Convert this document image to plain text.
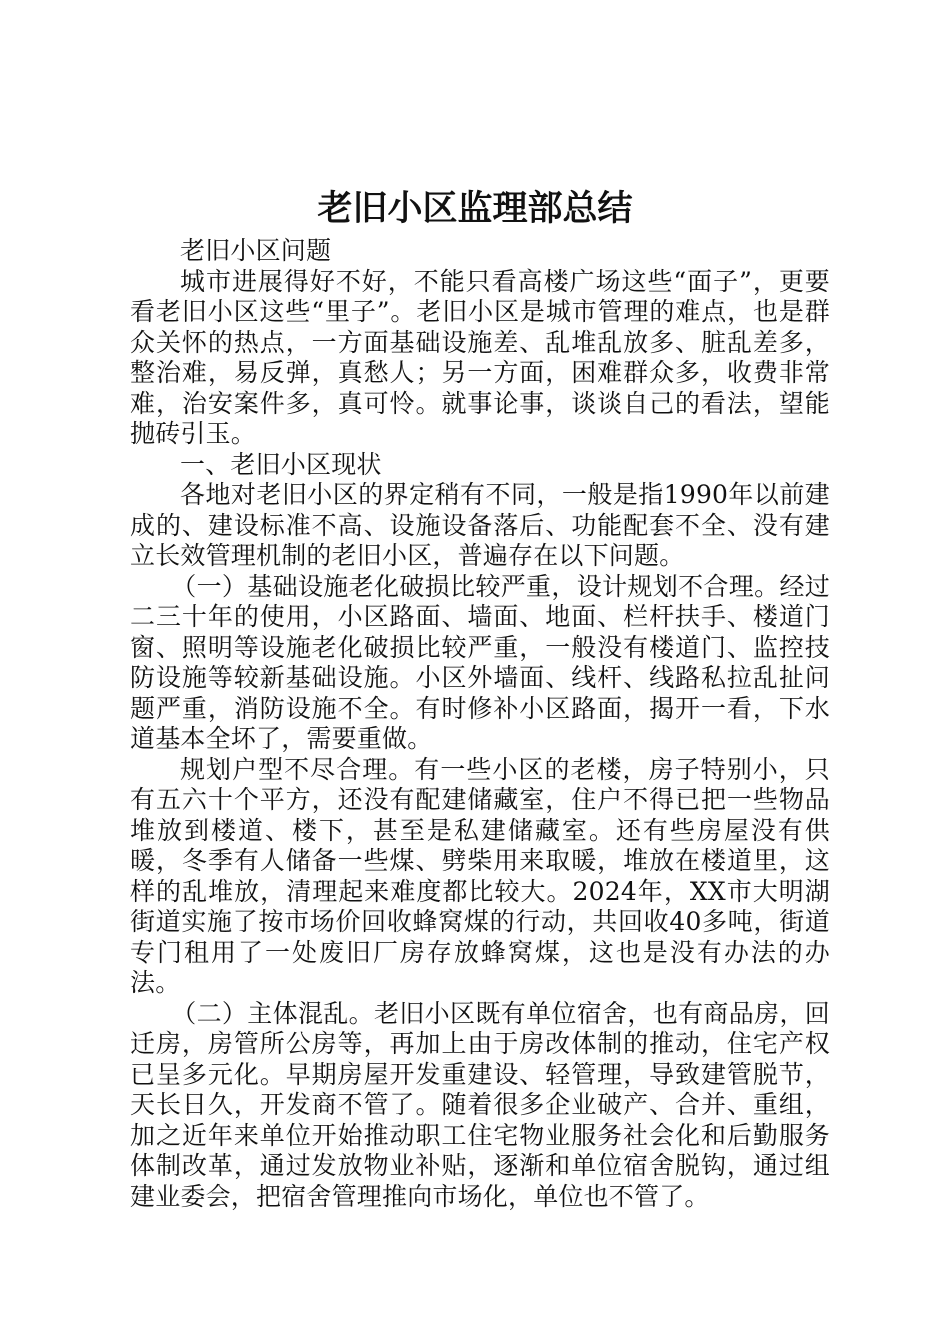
老旧小区监理部总结

老旧小区问题

城市进展得好不好，不能只看高楼广场这些“面子”，更要看老旧小区这些“里子”。老旧小区是城市管理的难点，也是群众关怀的热点，一方面基础设施差、乱堆乱放多、脏乱差多，整治难，易反弹，真愁人；另一方面，困难群众多，收费非常难，治安案件多，真可怜。就事论事，谈谈自己的看法，望能抛砖引玉。

一、老旧小区现状

各地对老旧小区的界定稍有不同，一般是指1990年以前建成的、建设标准不高、设施设备落后、功能配套不全、没有建立长效管理机制的老旧小区，普遍存在以下问题。

（一）基础设施老化破损比较严重，设计规划不合理。经过二三十年的使用，小区路面、墙面、地面、栏杆扶手、楼道门窗、照明等设施老化破损比较严重，一般没有楼道门、监控技防设施等较新基础设施。小区外墙面、线杆、线路私拉乱扯问题严重，消防设施不全。有时修补小区路面，揭开一看，下水道基本全坏了，需要重做。

规划户型不尽合理。有一些小区的老楼，房子特别小，只有五六十个平方，还没有配建储藏室，住户不得已把一些物品堆放到楼道、楼下，甚至是私建储藏室。还有些房屋没有供暖，冬季有人储备一些煤、劈柴用来取暖，堆放在楼道里，这样的乱堆放，清理起来难度都比较大。2024年，XX市大明湖街道实施了按市场价回收蜂窝煤的行动，共回收40多吨，街道专门租用了一处废旧厂房存放蜂窝煤，这也是没有办法的办法。

（二）主体混乱。老旧小区既有单位宿舍，也有商品房，回迁房，房管所公房等，再加上由于房改体制的推动，住宅产权已呈多元化。早期房屋开发重建设、轻管理，导致建管脱节，天长日久，开发商不管了。随着很多企业破产、合并、重组，加之近年来单位开始推动职工住宅物业服务社会化和后勤服务体制改革，通过发放物业补贴，逐渐和单位宿舍脱钩，通过组建业委会，把宿舍管理推向市场化，单位也不管了。
